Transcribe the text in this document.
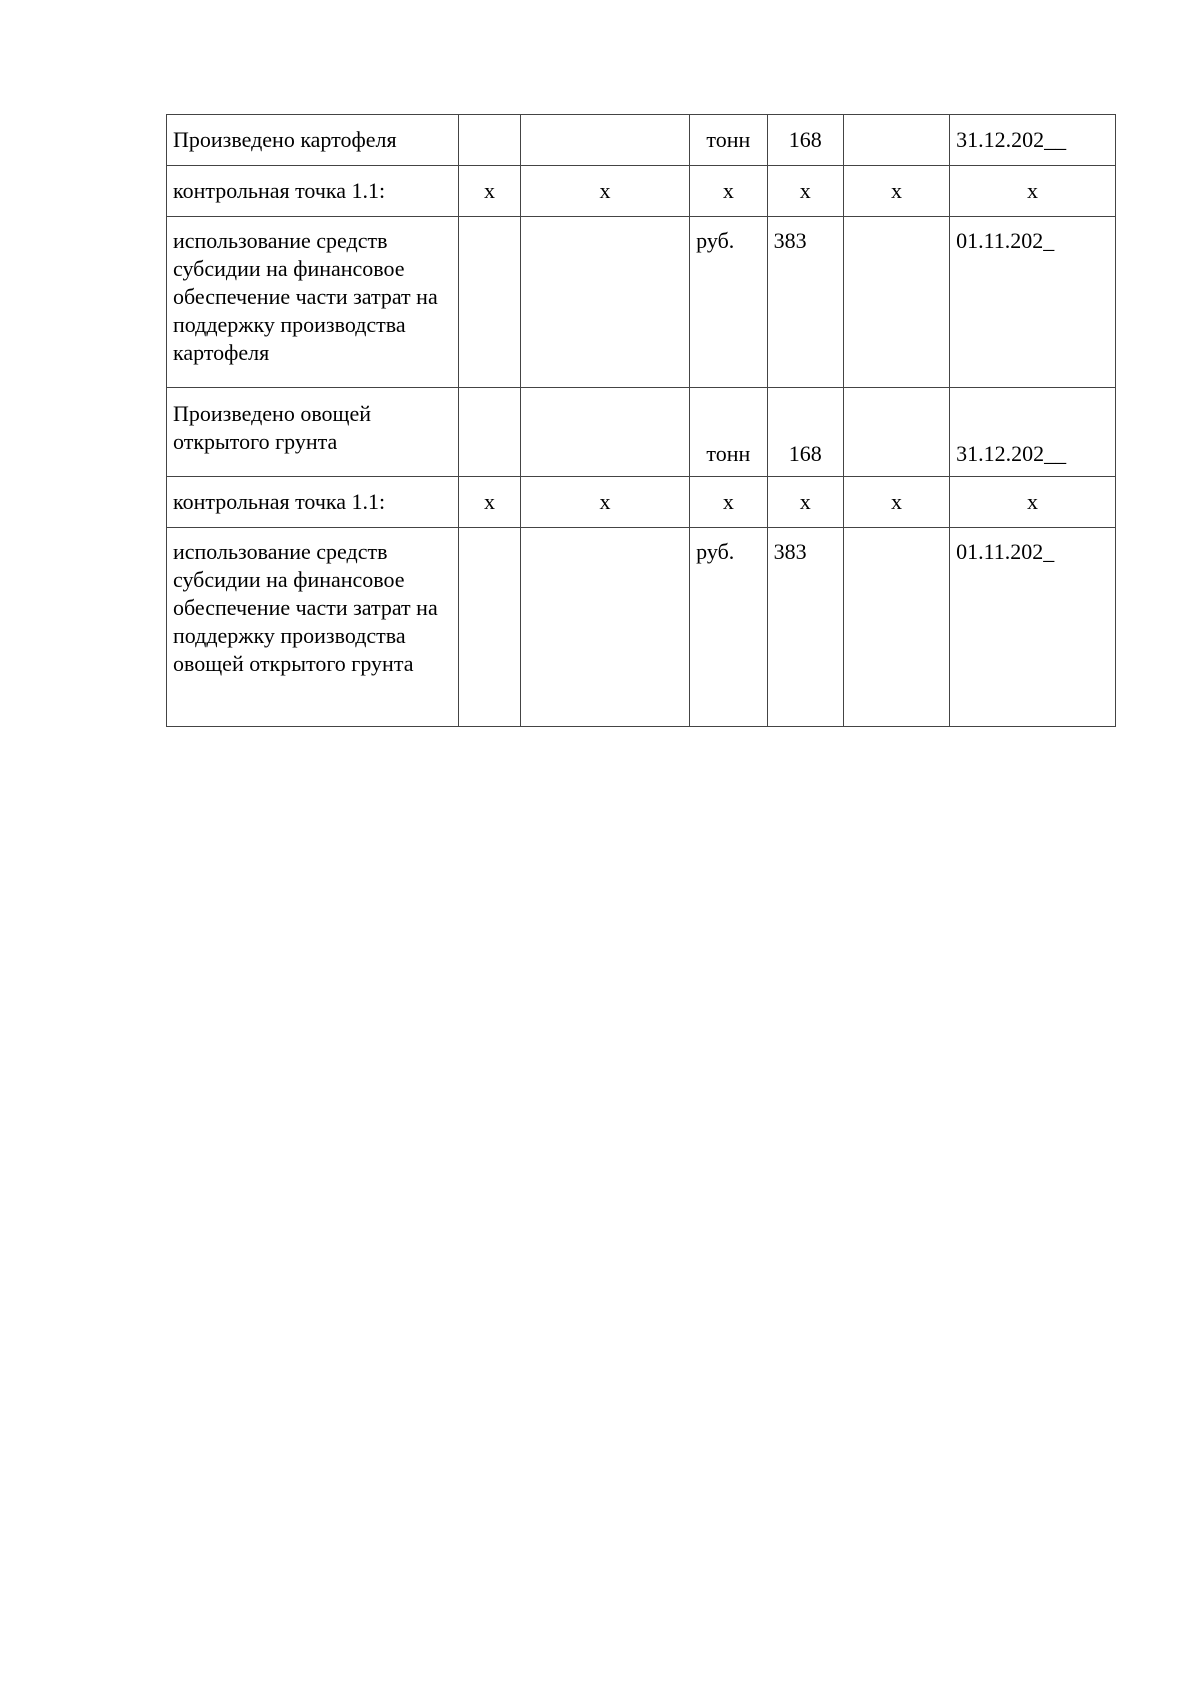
Произведено картофеля			тонн	168		31.12.202__
контрольная точка 1.1:	x	x	x	x	x	x
использование средств субсидии на финансовое обеспечение части затрат на поддержку производства картофеля			руб.	383		01.11.202_
Произведено овощей открытого грунта			тонн	168		31.12.202__
контрольная точка 1.1:	x	x	x	x	x	x
использование средств субсидии на финансовое обеспечение части затрат на поддержку производства овощей открытого грунта			руб.	383		01.11.202_
